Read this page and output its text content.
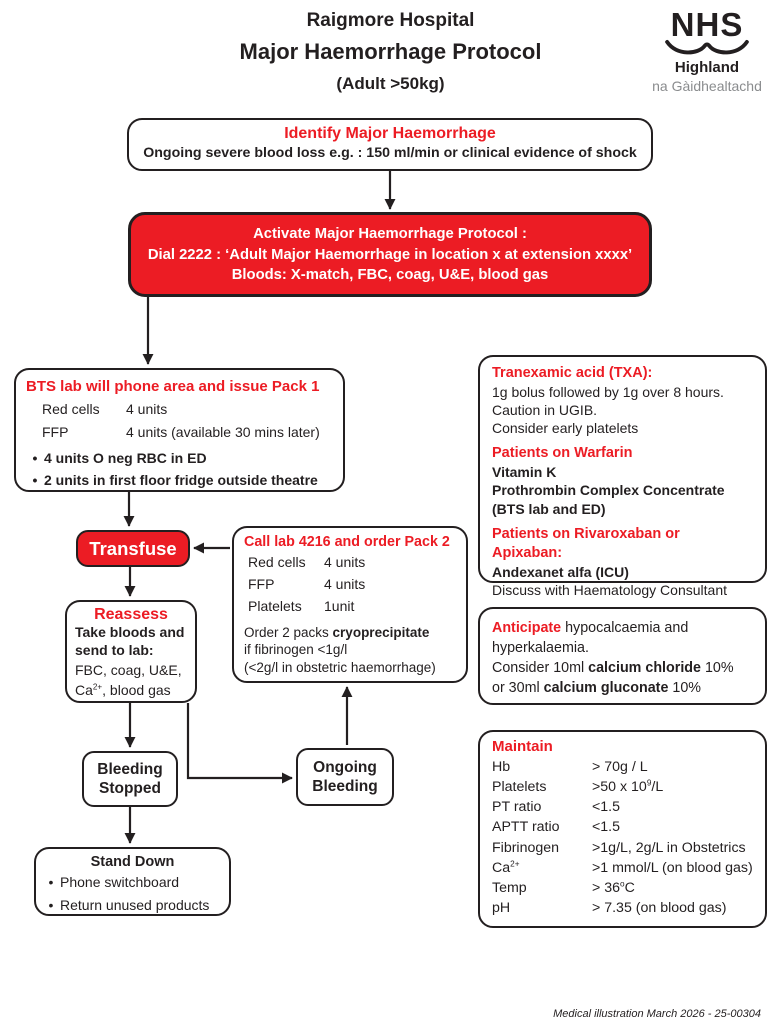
Raigmore Hospital
Major Haemorrhage Protocol
(Adult >50kg)
NHS
Highland
na Gàidhealtachd
Identify Major Haemorrhage
Ongoing severe blood loss e.g. : 150 ml/min or clinical evidence of shock
Activate Major Haemorrhage Protocol :
Dial 2222 : ‘Adult Major Haemorrhage in location x at extension xxxx’
Bloods: X-match, FBC, coag, U&E, blood gas
BTS lab will phone area and issue Pack 1
Red cells	4 units
FFP	4 units (available 30 mins later)
• 4 units O neg RBC in ED
• 2 units in first floor fridge outside theatre
Transfuse	Call lab 4216 and order Pack 2
Red cells	4 units
FFP	4 units
Platelets	1unit
Order 2 packs cryoprecipitate
if fibrinogen <1g/l
(<2g/l in obstetric haemorrhage)
Reassess
Take bloods and
send to lab:
FBC, coag, U&E,
$Ca^{2+}$, blood gas
Bleeding
Stopped
Ongoing
Bleeding
Stand Down
• Phone switchboard
• Return unused products
Tranexamic acid (TXA):
1g bolus followed by 1g over 8 hours.
Caution in UGIB.
Consider early platelets
Patients on Warfarin
Vitamin K
Prothrombin Complex Concentrate
(BTS lab and ED)
Patients on Rivaroxaban or Apixaban:
Andexanet alfa (ICU)
Discuss with Haematology Consultant
Anticipate hypocalcaemia and
hyperkalaemia.
Consider 10ml calcium chloride 10%
or 30ml calcium gluconate 10%
Maintain
Hb	> 70g / L
Platelets	>50 x $10^9/L$
PT ratio	<1.5
APTT ratio	<1.5
Fibrinogen	>1g/L, 2g/L in Obstetrics
$Ca^{2+}$	>1 mmol/L (on blood gas)
Temp	> $36^oC$
pH	> 7.35 (on blood gas)
Medical illustration March 2026 - 25-00304
